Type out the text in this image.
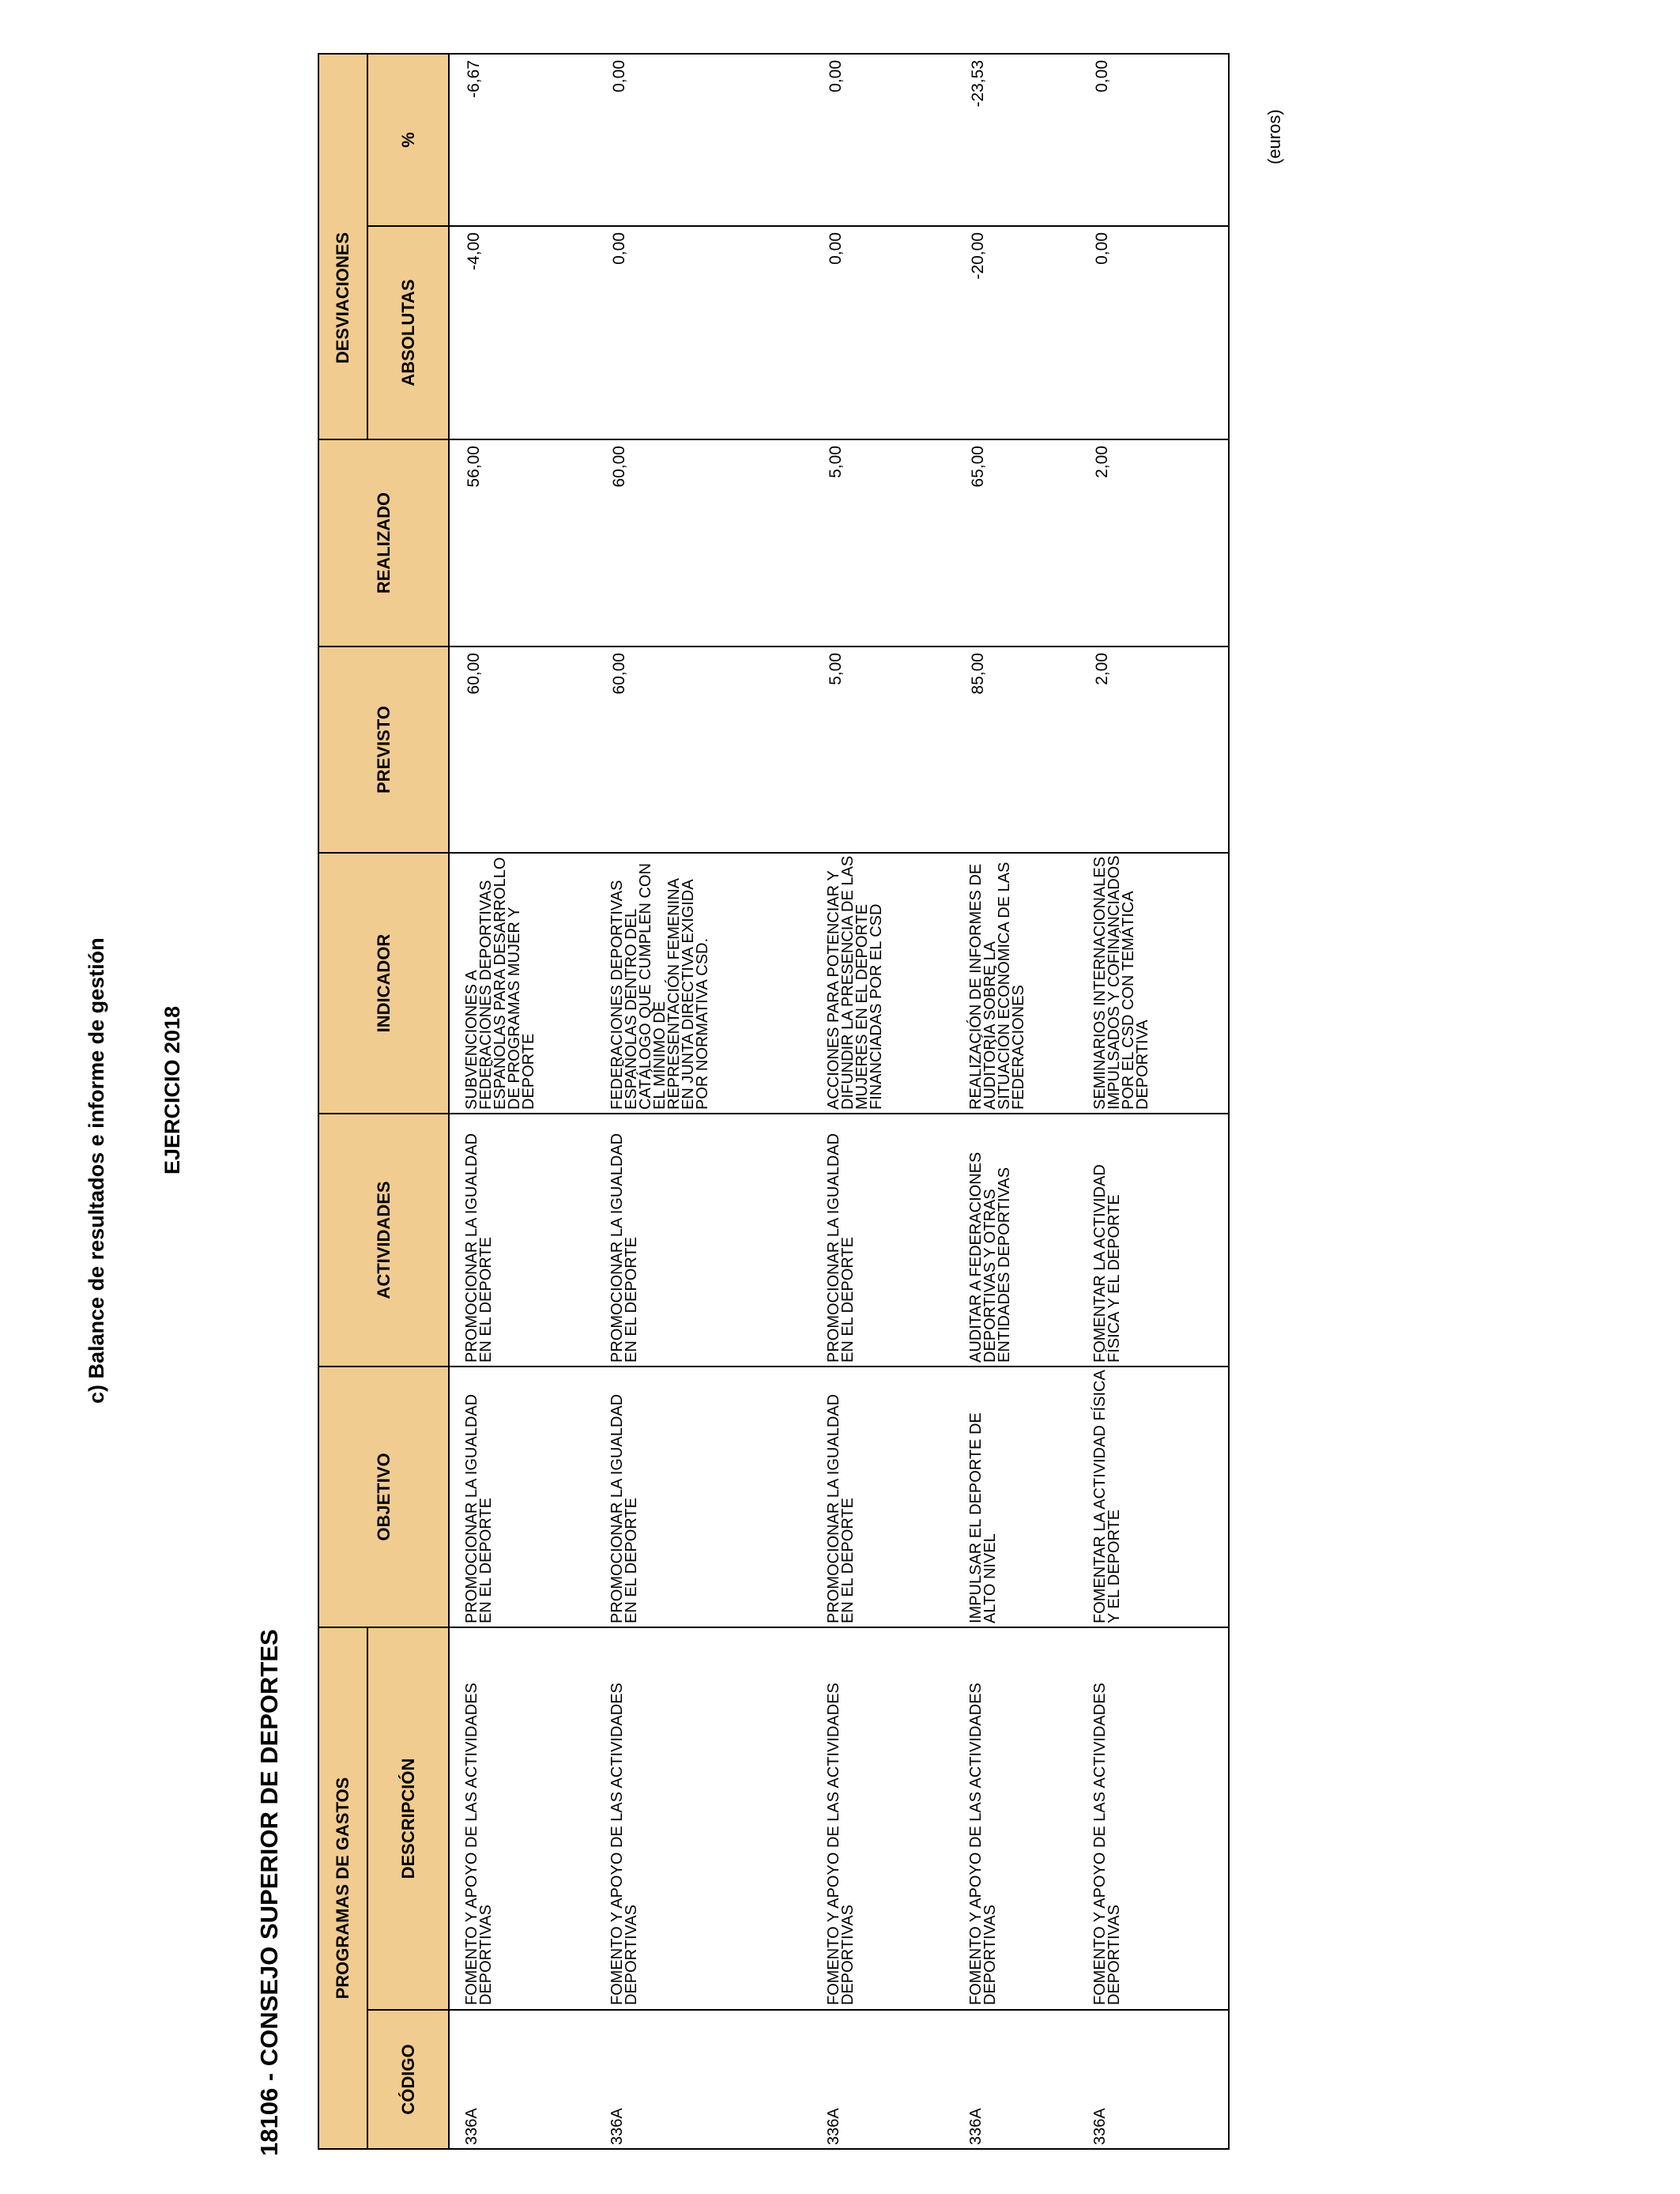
c) Balance de resultados e informe de gestión EJERCICIO 2018
18106 - CONSEJO SUPERIOR DE DEPORTES
(euros)
PROGRAMAS DE GASTOS
DESVIACIONES
CÓDIGO
DESCRIPCIÓN
OBJETIVO
ACTIVIDADES
INDICADOR
PREVISTO
REALIZADO
ABSOLUTAS
%
336A
FOMENTO Y APOYO DE LAS ACTIVIDADES DEPORTIVAS
PROMOCIONAR LA IGUALDAD EN EL DEPORTE
PROMOCIONAR LA IGUALDAD EN EL DEPORTE
SUBVENCIONES A FEDERACIONES DEPORTIVAS ESPAÑOLAS PARA DESARROLLO DE PROGRAMAS MUJER Y DEPORTE
60,00
56,00
-4,00
-6,67
336A
FOMENTO Y APOYO DE LAS ACTIVIDADES DEPORTIVAS
PROMOCIONAR LA IGUALDAD EN EL DEPORTE
PROMOCIONAR LA IGUALDAD EN EL DEPORTE
FEDERACIONES DEPORTIVAS ESPAÑOLAS DENTRO DEL CATÁLOGO QUE CUMPLEN CON EL MÍNIMO DE REPRESENTACIÓN FEMENINA EN JUNTA DIRECTIVA EXIGIDA POR NORMATIVA CSD.
60,00
60,00
0,00
0,00
336A
FOMENTO Y APOYO DE LAS ACTIVIDADES DEPORTIVAS
PROMOCIONAR LA IGUALDAD EN EL DEPORTE
PROMOCIONAR LA IGUALDAD EN EL DEPORTE
ACCIONES PARA POTENCIAR Y DIFUNDIR LA PRESENCIA DE LAS MUJERES EN EL DEPORTE FINANCIADAS POR EL CSD
5,00
5,00
0,00
0,00
336A
FOMENTO Y APOYO DE LAS ACTIVIDADES DEPORTIVAS
IMPULSAR EL DEPORTE DE ALTO NIVEL
AUDITAR A FEDERACIONES DEPORTIVAS Y OTRAS ENTIDADES DEPORTIVAS
REALIZACIÓN DE INFORMES DE AUDITORÍA SOBRE LA SITUACIÓN ECONÓMICA DE LAS FEDERACIONES
85,00
65,00
-20,00
-23,53
336A
FOMENTO Y APOYO DE LAS ACTIVIDADES DEPORTIVAS
FOMENTAR LA ACTIVIDAD FÍSICA Y EL DEPORTE
FOMENTAR LA ACTIVIDAD FÍSICA Y EL DEPORTE
SEMINARIOS INTERNACIONALES IMPULSADOS Y COFINANCIADOS POR EL CSD CON TEMÁTICA DEPORTIVA
2,00
2,00
0,00
0,00
